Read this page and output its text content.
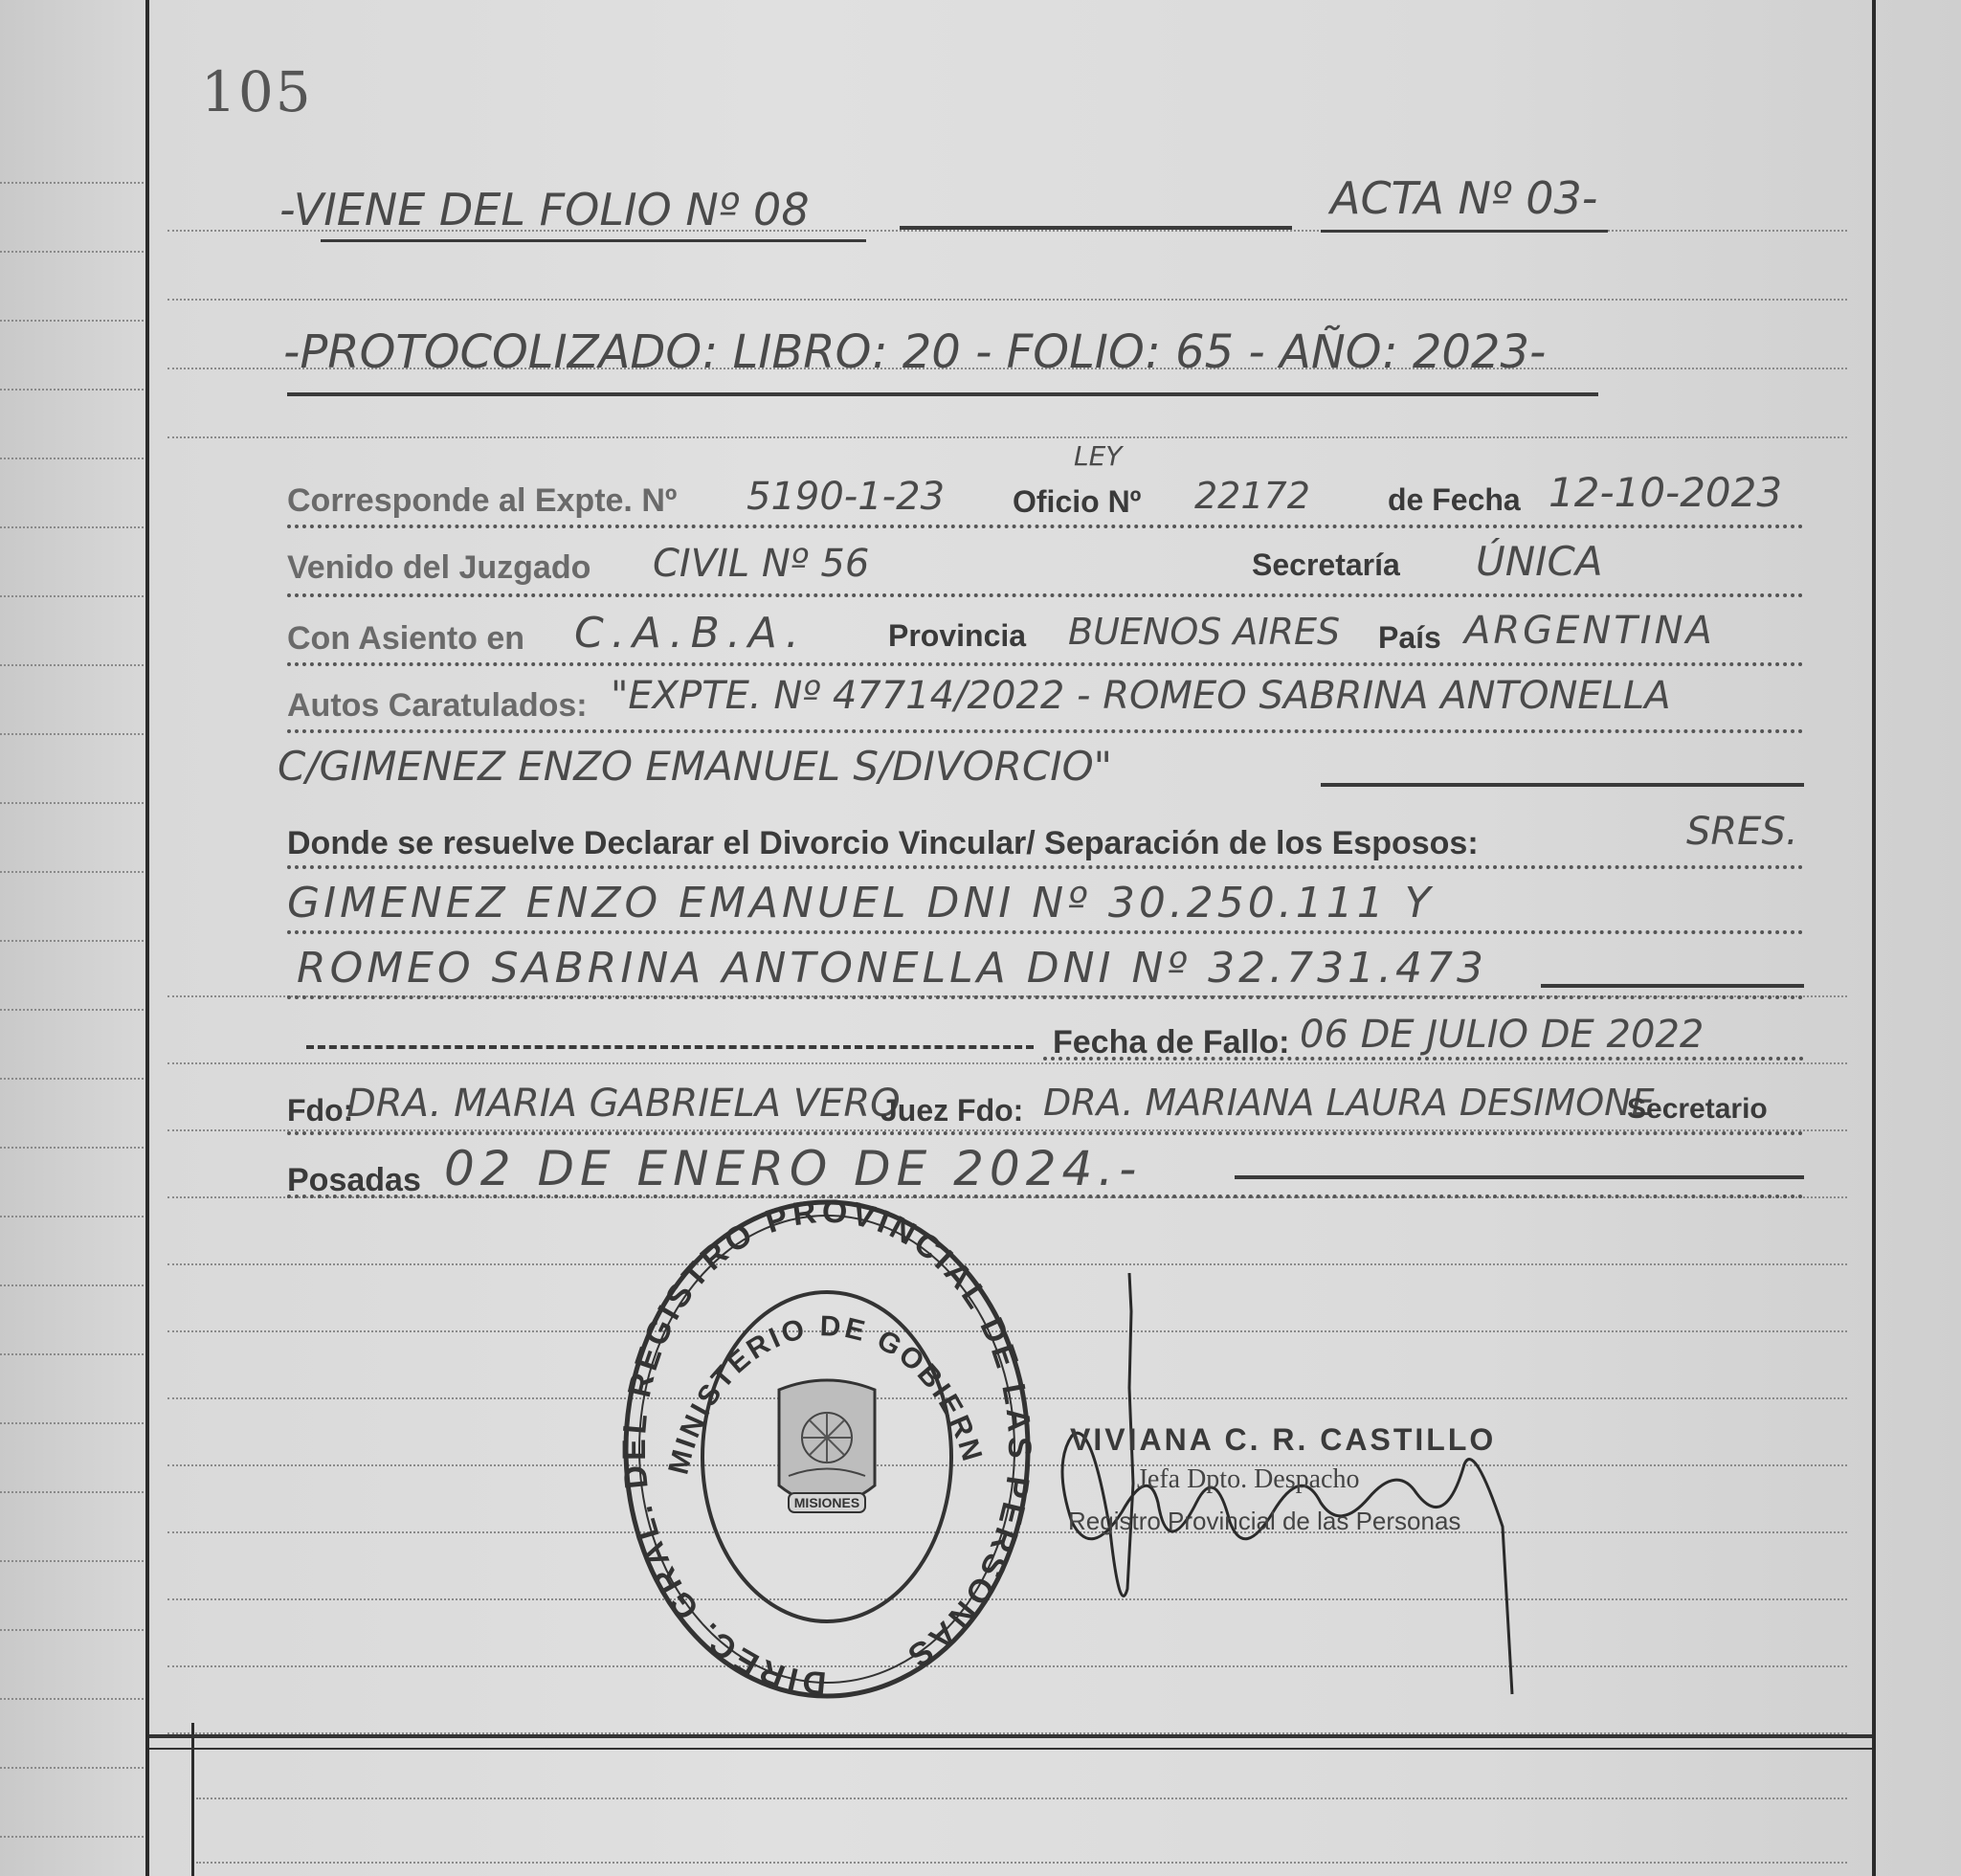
105
-VIENE DEL FOLIO Nº 08	ACTA Nº 03-
-PROTOCOLIZADO: LIBRO: 20 - FOLIO: 65 - AÑO: 2023-
Corresponde al Expte. Nº 5190-1-23
LEY
Oficio Nº 22172	de Fecha 12-10-2023
Venido del Juzgado CIVIL Nº 56	Secretaría ÚNICA
Con Asiento en C.A.B.A.	Provincia BUENOS AIRES País ARGENTINA
Autos Caratulados: "EXPTE. Nº 47714/2022 - ROMEO SABRINA ANTONELLA
C/GIMENEZ ENZO EMANUEL S/DIVORCIO"
Donde se resuelve Declarar el Divorcio Vincular/ Separación de los Esposos:	SRES.
GIMENEZ ENZO EMANUEL DNI Nº 30.250.111 Y
ROMEO SABRINA ANTONELLA DNI Nº 32.731.473
Fecha de Fallo: 06 DE JULIO DE 2022
Fdo:
DRA. MARIA GABRIELA VERO
Juez Fdo: DRA. MARIANA LAURA DESIMONE
Secretario
Posadas 02 DE ENERO DE 2024.-
DIREC. GRAL. D L REGISTRO PROVINCIAL DE L PERSONAS
MINISTERIO DE GOBIERN
MISIONES
VIVIANA C. R. CASTILLO
Jefa Dpto. Despacho
Registro Provincial de las Personas
